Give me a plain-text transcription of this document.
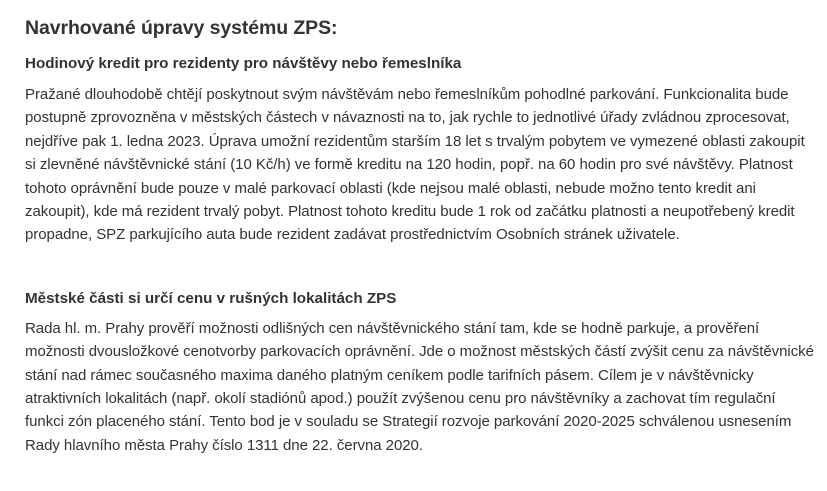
Navrhované úpravy systému ZPS:
Hodinový kredit pro rezidenty pro návštěvy nebo řemeslníka

Pražané dlouhodobě chtějí poskytnout svým návštěvám nebo řemeslníkům pohodlné parkování. Funkcionalita bude postupně zprovozněna v městských částech v návaznosti na to, jak rychle to jednotlivé úřady zvládnou zprocesovat, nejdříve pak 1. ledna 2023. Úprava umožní rezidentům starším 18 let s trvalým pobytem ve vymezené oblasti zakoupit si zlevněné návštěvnické stání (10 Kč/h) ve formě kreditu na 120 hodin, popř. na 60 hodin pro své návštěvy. Platnost tohoto oprávnění bude pouze v malé parkovací oblasti (kde nejsou malé oblasti, nebude možno tento kredit ani zakoupit), kde má rezident trvalý pobyt. Platnost tohoto kreditu bude 1 rok od začátku platnosti a neupotřebený kredit propadne, SPZ parkujícího auta bude rezident zadávat prostřednictvím Osobních stránek uživatele.

Městské části si určí cenu v rušných lokalitách ZPS

Rada hl. m. Prahy prověří možnosti odlišných cen návštěvnického stání tam, kde se hodně parkuje, a prověření možnosti dvousložkové cenotvorby parkovacích oprávnění. Jde o možnost městských částí zvýšit cenu za návštěvnické stání nad rámec současného maxima daného platným ceníkem podle tarifních pásem. Cílem je v návštěvnicky atraktivních lokalitách (např. okolí stadiónů apod.) použít zvýšenou cenu pro návštěvníky a zachovat tím regulační funkci zón placeného stání. Tento bod je v souladu se Strategií rozvoje parkování 2020-2025 schválenou usnesením Rady hlavního města Prahy číslo 1311 dne 22. června 2020.
